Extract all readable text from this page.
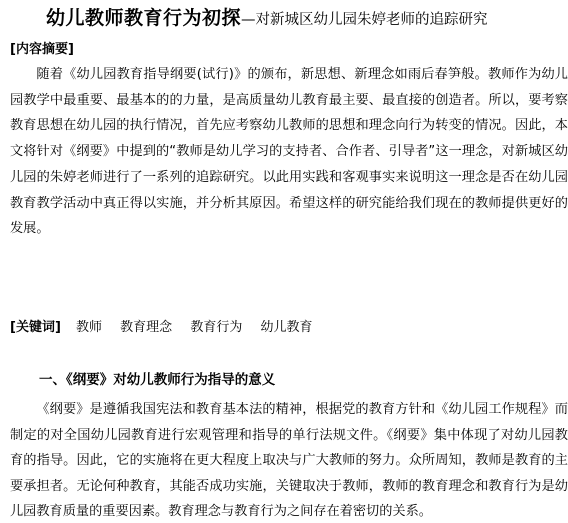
幼儿教师教育行为初探—对新城区幼儿园朱婷老师的追踪研究
[内容摘要]

随着《幼儿园教育指导纲要(试行)》的颁布，新思想、新理念如雨后春笋般。教师作为幼儿园教学中最重要、最基本的的力量，是高质量幼儿教育最主要、最直接的创造者。所以，要考察教育思想在幼儿园的执行情况，首先应考察幼儿教师的思想和理念向行为转变的情况。因此，本文将针对《纲要》中提到的“教师是幼儿学习的支持者、合作者、引导者”这一理念，对新城区幼儿园的朱婷老师进行了一系列的追踪研究。以此用实践和客观事实来说明这一理念是否在幼儿园教育教学活动中真正得以实施，并分析其原因。希望这样的研究能给我们现在的教师提供更好的发展。

[关键词] 教师 教育理念 教育行为 幼儿教育
一、《纲要》对幼儿教师行为指导的意义

《纲要》是遵循我国宪法和教育基本法的精神，根据党的教育方针和《幼儿园工作规程》而制定的对全国幼儿园教育进行宏观管理和指导的单行法规文件。《纲要》集中体现了对幼儿园教育的指导。因此，它的实施将在更大程度上取决与广大教师的努力。众所周知，教师是教育的主要承担者。无论何种教育，其能否成功实施，关键取决于教师，教师的教育理念和教育行为是幼儿园教育质量的重要因素。教育理念与教育行为之间存在着密切的关系。
